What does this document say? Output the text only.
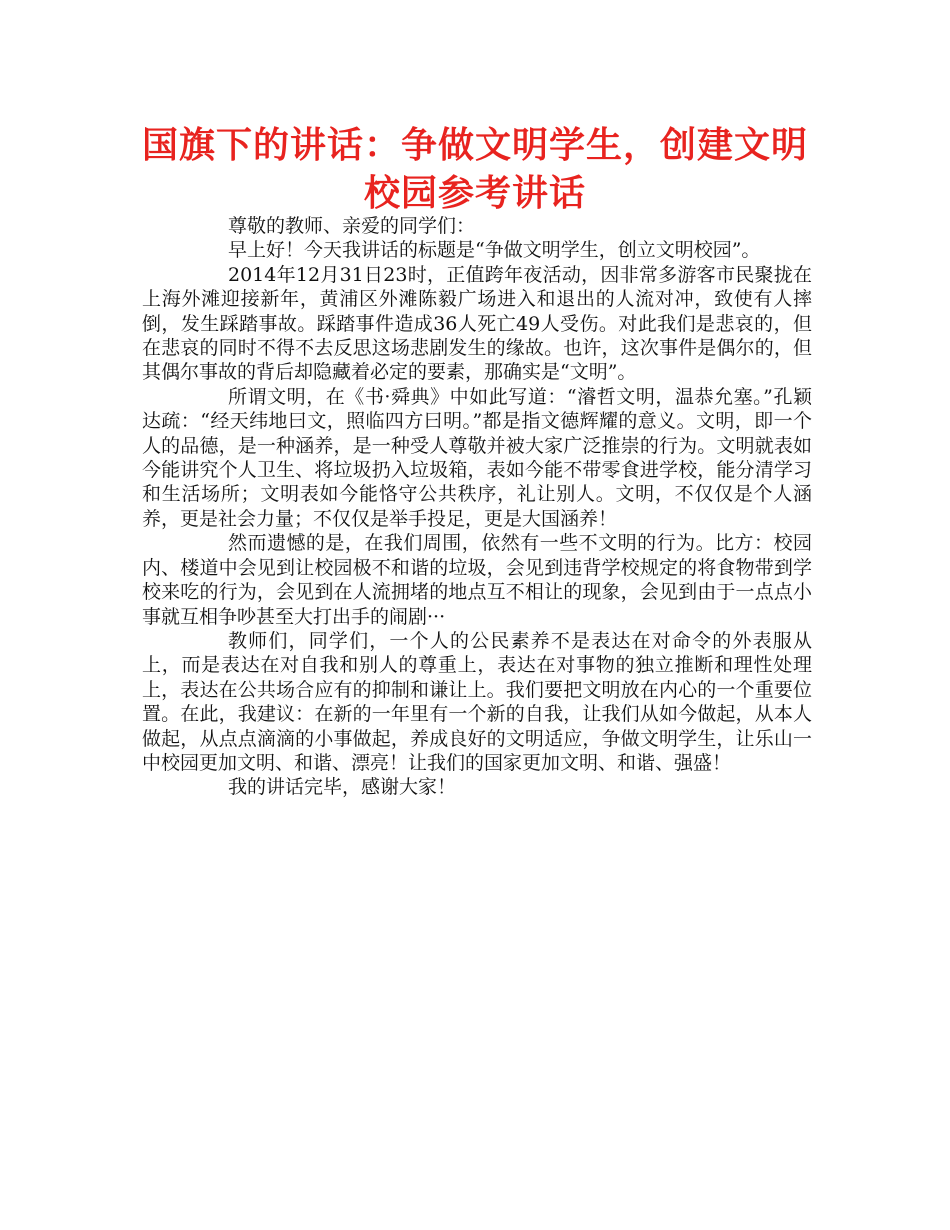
国旗下的讲话：争做文明学生，创建文明校园参考讲话

尊敬的教师、亲爱的同学们：

早上好！今天我讲话的标题是“争做文明学生，创立文明校园”。

2014年12月31日23时，正值跨年夜活动，因非常多游客市民聚拢在上海外滩迎接新年，黄浦区外滩陈毅广场进入和退出的人流对冲，致使有人摔倒，发生踩踏事故。踩踏事件造成36人死亡49人受伤。对此我们是悲哀的，但在悲哀的同时不得不去反思这场悲剧发生的缘故。也许，这次事件是偶尔的，但其偶尔事故的背后却隐藏着必定的要素，那确实是“文明”。

所谓文明，在《书·舜典》中如此写道：“濬哲文明，温恭允塞。”孔颖达疏：“经天纬地曰文，照临四方曰明。”都是指文德辉耀的意义。文明，即一个人的品德，是一种涵养，是一种受人尊敬并被大家广泛推崇的行为。文明就表如今能讲究个人卫生、将垃圾扔入垃圾箱，表如今能不带零食进学校，能分清学习和生活场所；文明表如今能恪守公共秩序，礼让别人。文明，不仅仅是个人涵养，更是社会力量；不仅仅是举手投足，更是大国涵养！

然而遗憾的是，在我们周围，依然有一些不文明的行为。比方：校园内、楼道中会见到让校园极不和谐的垃圾，会见到违背学校规定的将食物带到学校来吃的行为，会见到在人流拥堵的地点互不相让的现象，会见到由于一点点小事就互相争吵甚至大打出手的闹剧···

教师们，同学们，一个人的公民素养不是表达在对命令的外表服从上，而是表达在对自我和别人的尊重上，表达在对事物的独立推断和理性处理上，表达在公共场合应有的抑制和谦让上。我们要把文明放在内心的一个重要位置。在此，我建议：在新的一年里有一个新的自我，让我们从如今做起，从本人做起，从点点滴滴的小事做起，养成良好的文明适应，争做文明学生，让乐山一中校园更加文明、和谐、漂亮！让我们的国家更加文明、和谐、强盛！

我的讲话完毕，感谢大家！
